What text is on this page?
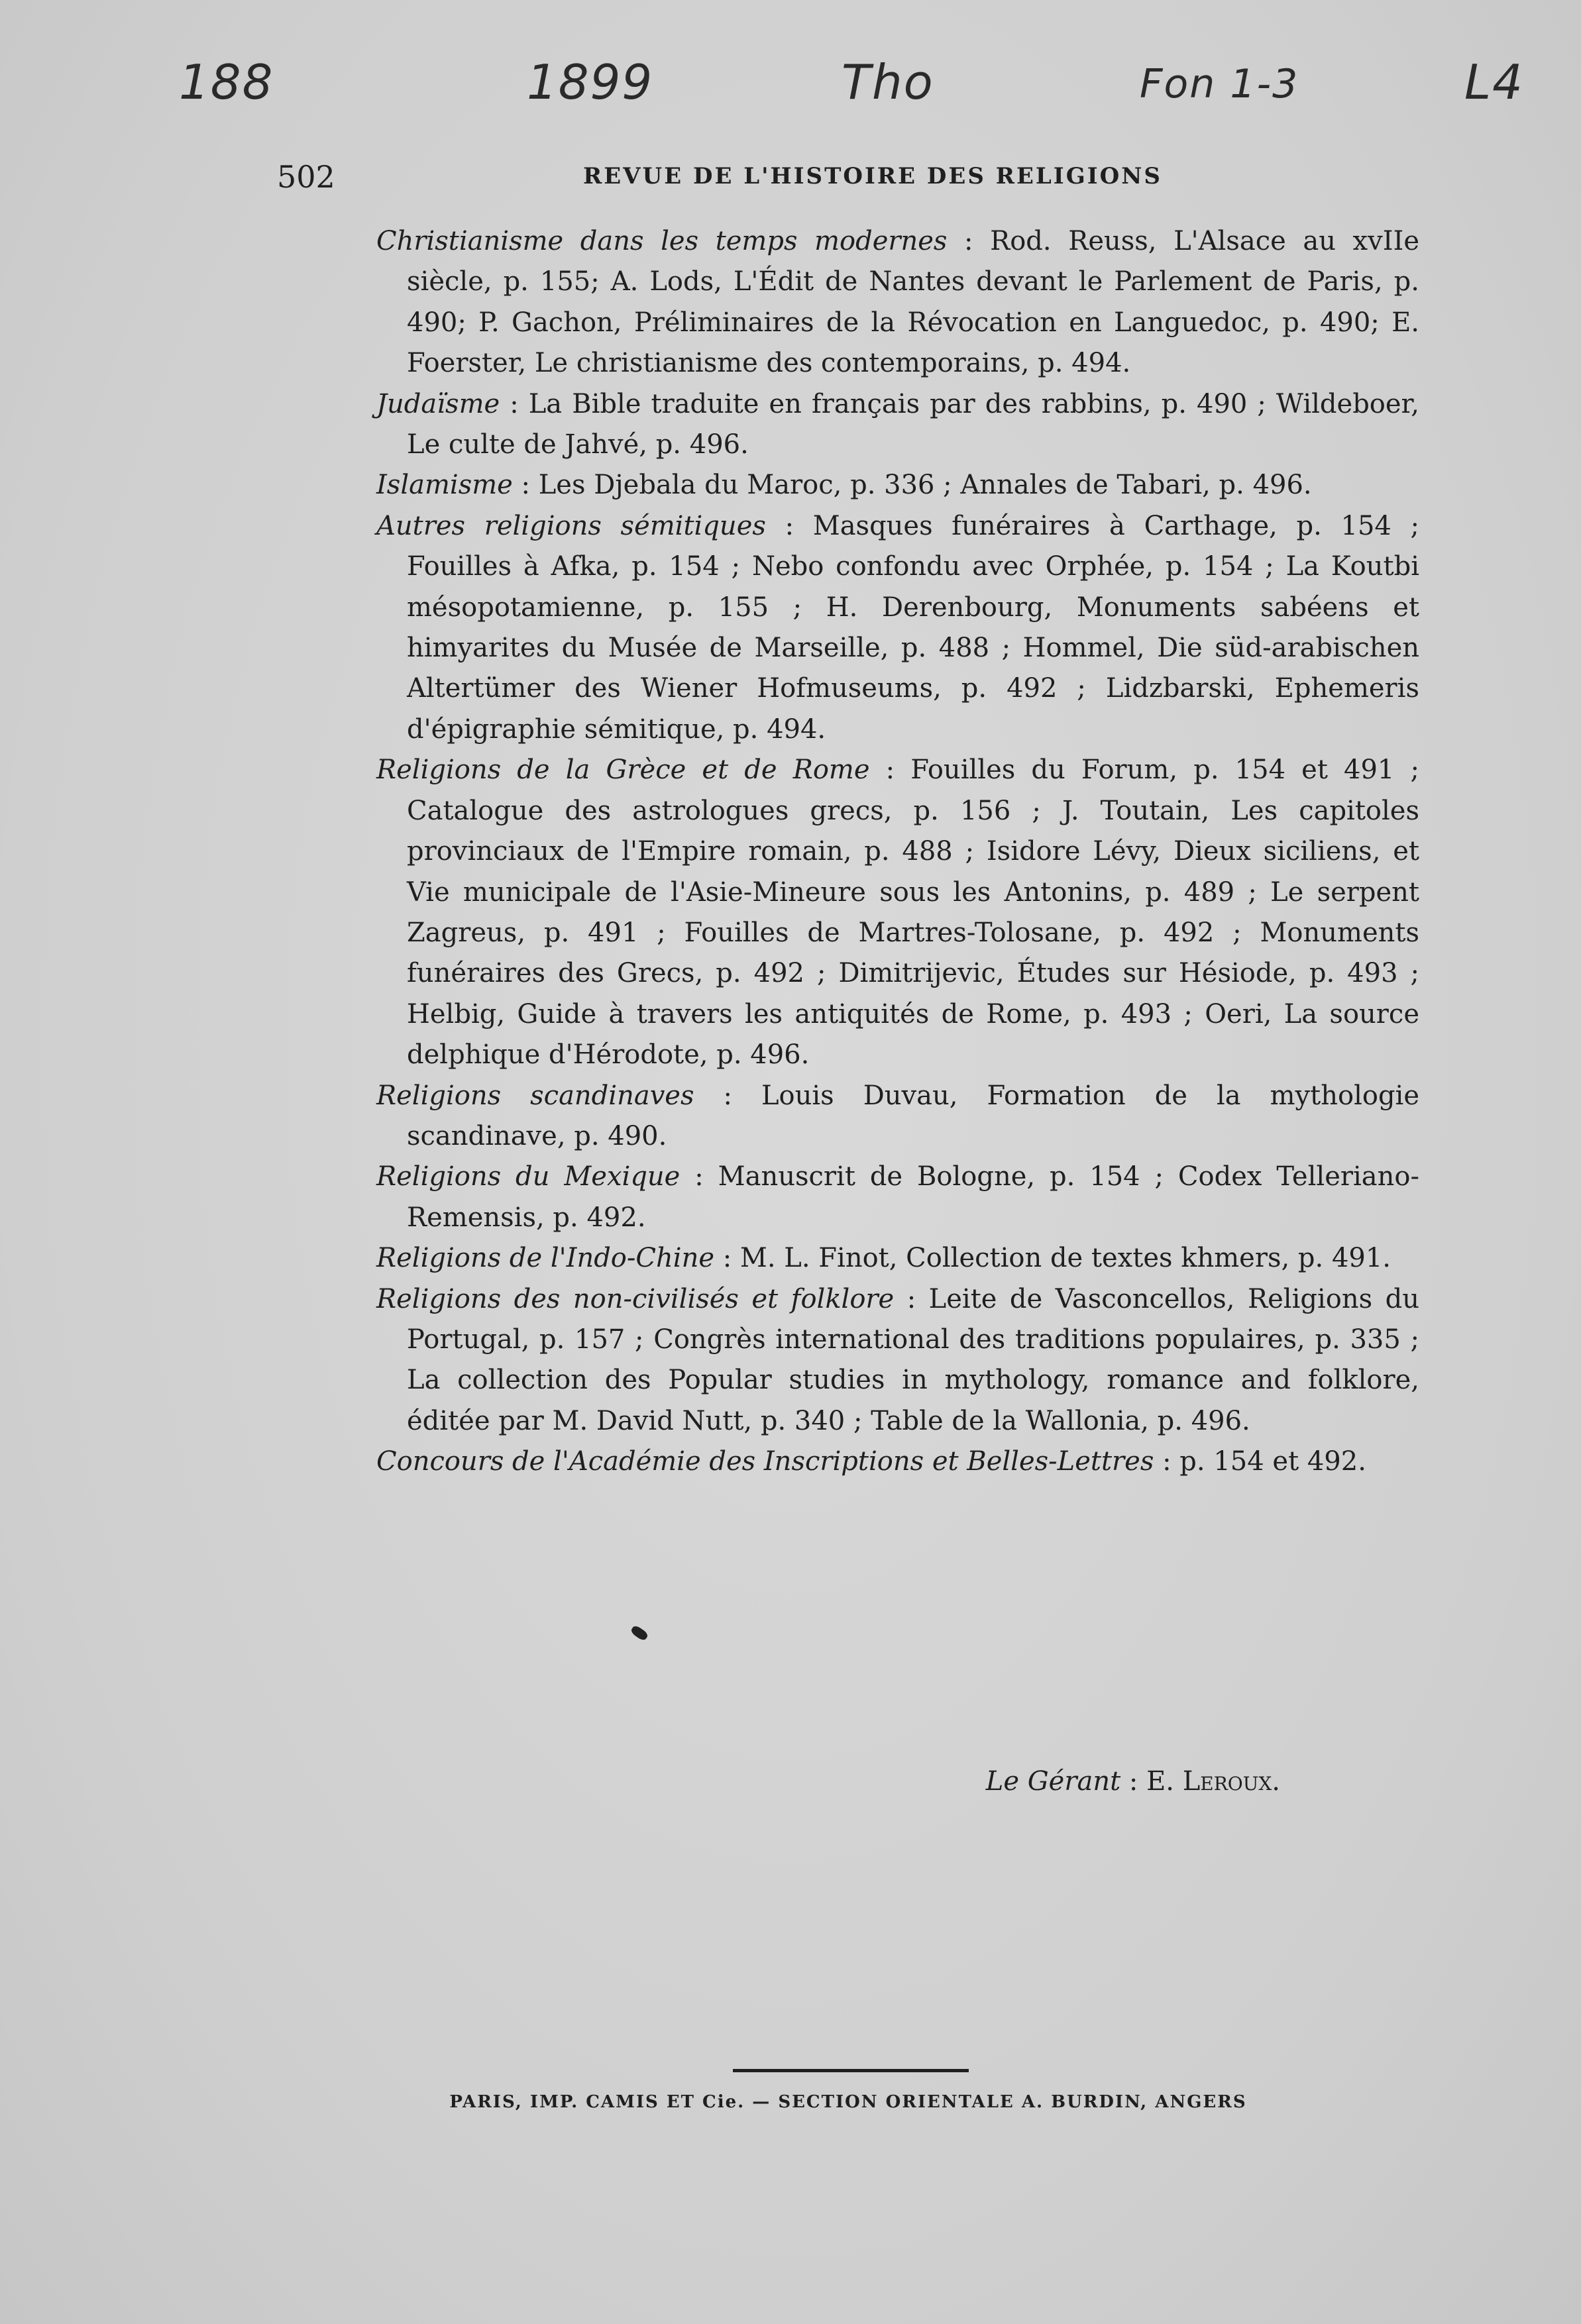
188	1899	Tho	Fon 1-3	L4
502	REVUE DE L'HISTOIRE DES RELIGIONS

Christianisme dans les temps modernes : Rod. Reuss, L'Alsace au xvIIe siècle, p. 155; A. Lods, L'Édit de Nantes devant le Parlement de Paris, p. 490; P. Gachon, Préliminaires de la Révocation en Languedoc, p. 490; E. Foerster, Le christianisme des contemporains, p. 494.

Judaïsme : La Bible traduite en français par des rabbins, p. 490 ; Wildeboer, Le culte de Jahvé, p. 496.

Islamisme : Les Djebala du Maroc, p. 336 ; Annales de Tabari, p. 496.

Autres religions sémitiques : Masques funéraires à Carthage, p. 154 ; Fouilles à Afka, p. 154 ; Nebo confondu avec Orphée, p. 154 ; La Koutbi mésopotamienne, p. 155 ; H. Derenbourg, Monuments sabéens et himyarites du Musée de Marseille, p. 488 ; Hommel, Die süd-arabischen Altertümer des Wiener Hofmuseums, p. 492 ; Lidzbarski, Ephemeris d'épigraphie sémitique, p. 494.

Religions de la Grèce et de Rome : Fouilles du Forum, p. 154 et 491 ; Catalogue des astrologues grecs, p. 156 ; J. Toutain, Les capitoles provinciaux de l'Empire romain, p. 488 ; Isidore Lévy, Dieux siciliens, et Vie municipale de l'Asie-Mineure sous les Antonins, p. 489 ; Le serpent Zagreus, p. 491 ; Fouilles de Martres-Tolosane, p. 492 ; Monuments funéraires des Grecs, p. 492 ; Dimitrijevic, Études sur Hésiode, p. 493 ; Helbig, Guide à travers les antiquités de Rome, p. 493 ; Oeri, La source delphique d'Hérodote, p. 496.

Religions scandinaves : Louis Duvau, Formation de la mythologie scandinave, p. 490.

Religions du Mexique : Manuscrit de Bologne, p. 154 ; Codex Telleriano-Remensis, p. 492.

Religions de l'Indo-Chine : M. L. Finot, Collection de textes khmers, p. 491.

Religions des non-civilisés et folklore : Leite de Vasconcellos, Religions du Portugal, p. 157 ; Congrès international des traditions populaires, p. 335 ; La collection des Popular studies in mythology, romance and folklore, éditée par M. David Nutt, p. 340 ; Table de la Wallonia, p. 496.

Concours de l'Académie des Inscriptions et Belles-Lettres : p. 154 et 492.

Le Gérant : E. Leroux.
PARIS, IMP. CAMIS ET Cie. — SECTION ORIENTALE A. BURDIN, ANGERS
